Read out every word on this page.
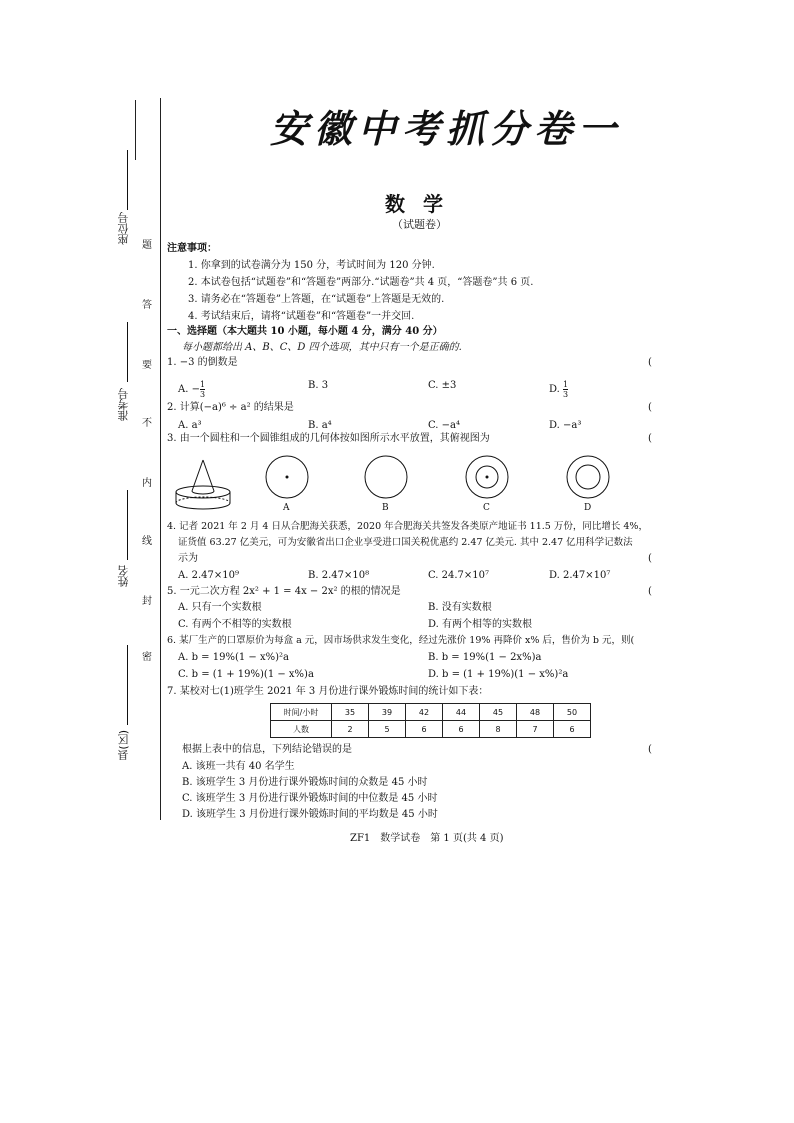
座位号
准考号
姓名
县(区)
题
答
要
不
内
线
封
密
安徽中考抓分卷一
数学
（试题卷）
注意事项：
1. 你拿到的试卷满分为 150 分，考试时间为 120 分钟.
2. 本试卷包括“试题卷”和“答题卷”两部分.“试题卷”共 4 页，“答题卷”共 6 页.
3. 请务必在“答题卷”上答题，在“试题卷”上答题是无效的.
4. 考试结束后，请将“试题卷”和“答题卷”一并交回.
一、选择题（本大题共 10 小题，每小题 4 分，满分 40 分）
每小题都给出 A、B、C、D 四个选项，其中只有一个是正确的.
1. −3 的倒数是	(
A. − $\frac{1}{3}$	B. 3	C. ±3	D. $\frac{1}{3}$
2. 计算(−a)⁶ ÷ a² 的结果是	(
A. a³	B. a⁴	C. −a⁴	D. −a³
3. 由一个圆柱和一个圆锥组成的几何体按如图所示水平放置，其俯视图为	(
A	B	C	D
4. 记者 2021 年 2 月 4 日从合肥海关获悉，2020 年合肥海关共签发各类原产地证书 11.5 万份，同比增长 4%，
证货值 63.27 亿美元，可为安徽省出口企业享受进口国关税优惠约 2.47 亿美元. 其中 2.47 亿用科学记数法
示为	(
A. 2.47×10⁹	B. 2.47×10⁸	C. 24.7×10⁷	D. 2.47×10⁷
5. 一元二次方程 2x² + 1 = 4x − 2x² 的根的情况是	(
A. 只有一个实数根	B. 没有实数根
C. 有两个不相等的实数根	D. 有两个相等的实数根
6. 某厂生产的口罩原价为每盒 a 元，因市场供求发生变化，经过先涨价 19% 再降价 x% 后，售价为 b 元，则(
A. b = 19%(1 − x%)²a	B. b = 19%(1 − 2x%)a
C. b = (1 + 19%)(1 − x%)a	D. b = (1 + 19%)(1 − x%)²a
7. 某校对七(1)班学生 2021 年 3 月份进行课外锻炼时间的统计如下表：
时间/小时	35	39	42	44	45	48	50
人数	2	5	6	6	8	7	6
根据上表中的信息，下列结论错误的是	(
A. 该班一共有 40 名学生
B. 该班学生 3 月份进行课外锻炼时间的众数是 45 小时
C. 该班学生 3 月份进行课外锻炼时间的中位数是 45 小时
D. 该班学生 3 月份进行课外锻炼时间的平均数是 45 小时
ZF1　数学试卷　第 1 页(共 4 页)
